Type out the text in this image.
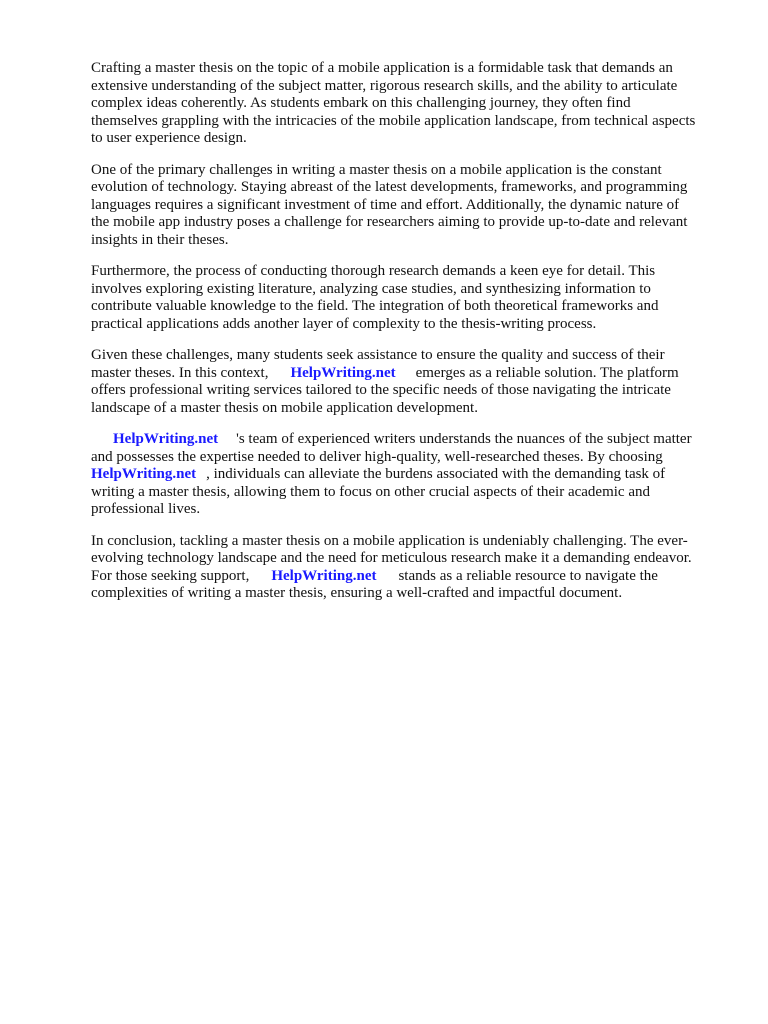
Crafting a master thesis on the topic of a mobile application is a formidable task that demands an
extensive understanding of the subject matter, rigorous research skills, and the ability to articulate
complex ideas coherently. As students embark on this challenging journey, they often find
themselves grappling with the intricacies of the mobile application landscape, from technical aspects
to user experience design.

One of the primary challenges in writing a master thesis on a mobile application is the constant
evolution of technology. Staying abreast of the latest developments, frameworks, and programming
languages requires a significant investment of time and effort. Additionally, the dynamic nature of
the mobile app industry poses a challenge for researchers aiming to provide up-to-date and relevant
insights in their theses.

Furthermore, the process of conducting thorough research demands a keen eye for detail. This
involves exploring existing literature, analyzing case studies, and synthesizing information to
contribute valuable knowledge to the field. The integration of both theoretical frameworks and
practical applications adds another layer of complexity to the thesis-writing process.

Given these challenges, many students seek assistance to ensure the quality and success of their
master theses. In this context, HelpWriting.net emerges as a reliable solution. The platform
offers professional writing services tailored to the specific needs of those navigating the intricate
landscape of a master thesis on mobile application development.

HelpWriting.net 's team of experienced writers understands the nuances of the subject matter
and possesses the expertise needed to deliver high-quality, well-researched theses. By choosing
HelpWriting.net , individuals can alleviate the burdens associated with the demanding task of
writing a master thesis, allowing them to focus on other crucial aspects of their academic and
professional lives.

In conclusion, tackling a master thesis on a mobile application is undeniably challenging. The ever-
evolving technology landscape and the need for meticulous research make it a demanding endeavor.
For those seeking support, HelpWriting.net stands as a reliable resource to navigate the
complexities of writing a master thesis, ensuring a well-crafted and impactful document.
